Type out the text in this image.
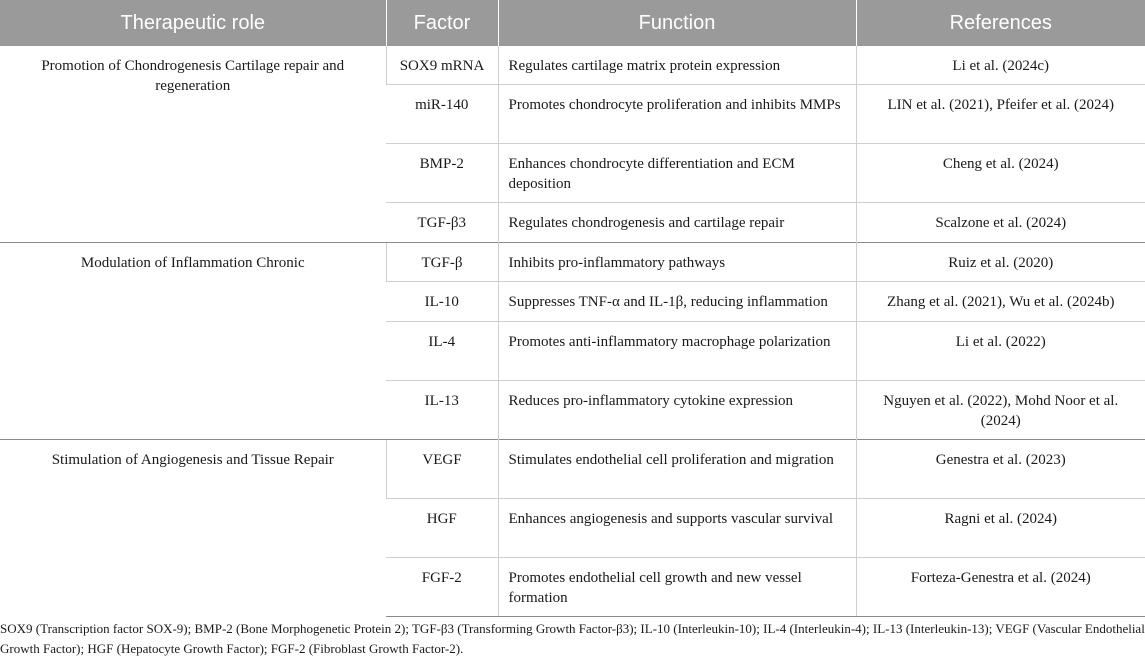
Therapeutic role	Factor	Function	References
Promotion of Chondrogenesis Cartilage repair and regeneration	SOX9 mRNA	Regulates cartilage matrix protein expression	Li et al. (2024c)
	miR-140	Promotes chondrocyte proliferation and inhibits MMPs	LIN et al. (2021), Pfeifer et al. (2024)
	BMP-2	Enhances chondrocyte differentiation and ECM deposition	Cheng et al. (2024)
	TGF-β3	Regulates chondrogenesis and cartilage repair	Scalzone et al. (2024)
Modulation of Inflammation Chronic	TGF-β	Inhibits pro-inflammatory pathways	Ruiz et al. (2020)
	IL-10	Suppresses TNF-α and IL-1β, reducing inflammation	Zhang et al. (2021), Wu et al. (2024b)
	IL-4	Promotes anti-inflammatory macrophage polarization	Li et al. (2022)
	IL-13	Reduces pro-inflammatory cytokine expression	Nguyen et al. (2022), Mohd Noor et al. (2024)
Stimulation of Angiogenesis and Tissue Repair	VEGF	Stimulates endothelial cell proliferation and migration	Genestra et al. (2023)
	HGF	Enhances angiogenesis and supports vascular survival	Ragni et al. (2024)
	FGF-2	Promotes endothelial cell growth and new vessel formation	Forteza-Genestra et al. (2024)
SOX9 (Transcription factor SOX-9); BMP-2 (Bone Morphogenetic Protein 2); TGF-β3 (Transforming Growth Factor-β3); IL-10 (Interleukin-10); IL-4 (Interleukin-4); IL-13 (Interleukin-13); VEGF (Vascular Endothelial Growth Factor); HGF (Hepatocyte Growth Factor); FGF-2 (Fibroblast Growth Factor-2).
